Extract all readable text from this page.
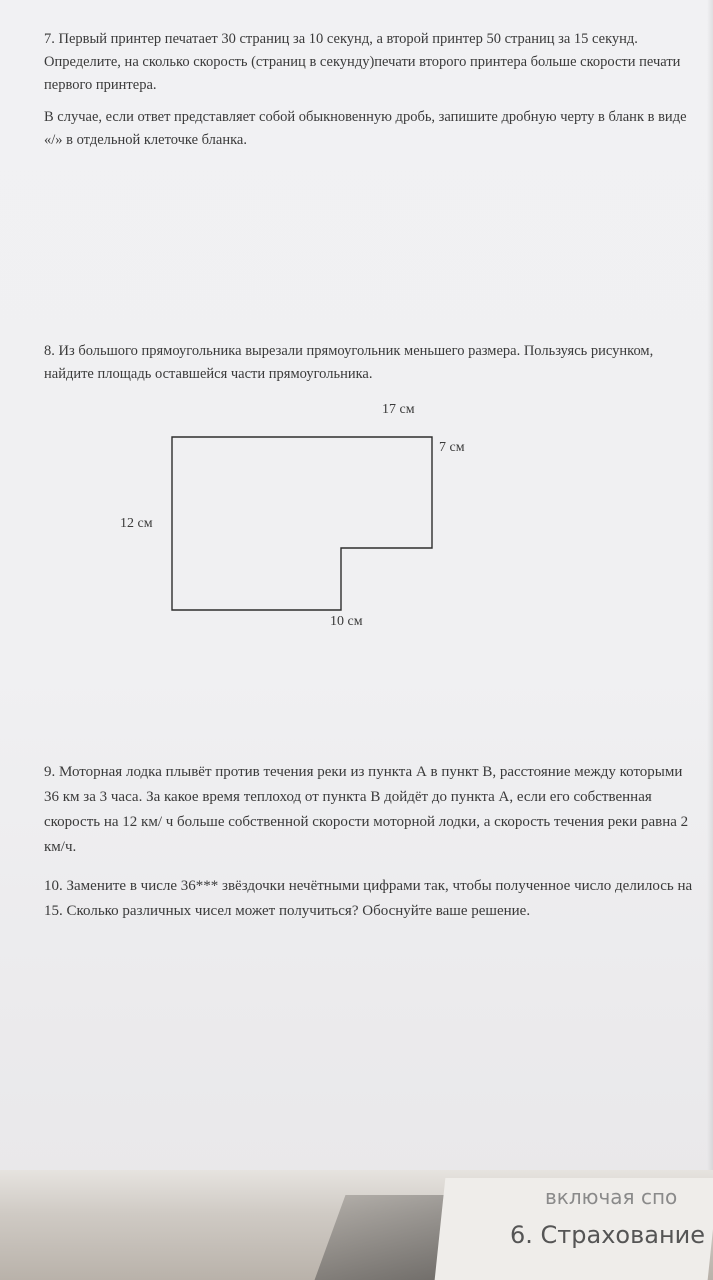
7. Первый принтер печатает 30 страниц за 10 секунд, а второй принтер 50 страниц за 15 секунд. Определите, на сколько скорость (страниц в секунду)печати второго принтера больше скорости печати первого принтера.
В случае, если ответ представляет собой обыкновенную дробь, запишите дробную черту в бланк в виде «/» в отдельной клеточке бланка.
8. Из большого прямоугольника вырезали прямоугольник меньшего размера. Пользуясь рисунком, найдите площадь оставшейся части прямоугольника.
17 см
7 см
12 см
10 см
9. Моторная лодка плывёт против течения реки из пункта А в пункт В, расстояние между которыми 36 км за 3 часа. За какое время теплоход от пункта В дойдёт до пункта А, если его собственная скорость на 12 км/ ч больше собственной скорости моторной лодки, а скорость течения реки равна 2 км/ч.
10. Замените в числе 36*** звёздочки нечётными цифрами так, чтобы полученное число делилось на 15. Сколько различных чисел может получиться? Обоснуйте ваше решение.
включая спо
6. Страхование
